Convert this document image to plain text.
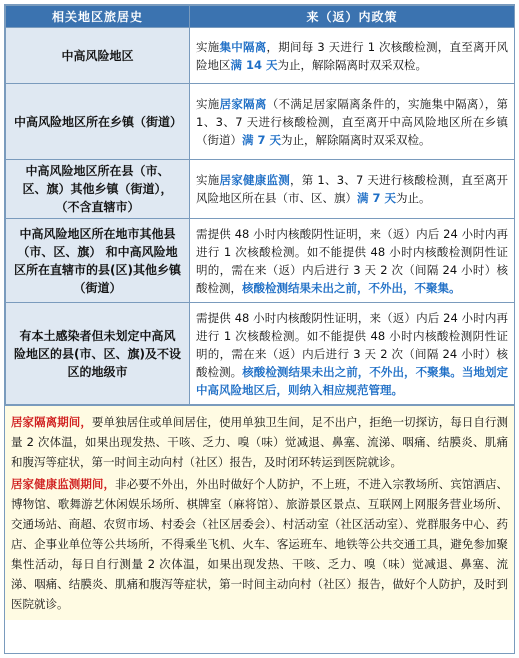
相关地区旅居史	来（返）内政策
中高风险地区	实施集中隔离，期间每 3 天进行 1 次核酸检测，直至离开风险地区满 14 天为止，解除隔离时双采双检。
中高风险地区所在乡镇（街道）	实施居家隔离（不满足居家隔离条件的，实施集中隔离），第 1、3、7 天进行核酸检测，直至离开中高风险地区所在乡镇（街道）满 7 天为止，解除隔离时双采双检。
中高风险地区所在县（市、区、旗）其他乡镇（街道），（不含直辖市）	实施居家健康监测，第 1、3、7 天进行核酸检测，直至离开风险地区所在县（市、区、旗）满 7 天为止。
中高风险地区所在地市其他县（市、区、旗） 和中高风险地区所在直辖市的县(区)其他乡镇（街道）	需提供 48 小时内核酸阴性证明，来（返）内后 24 小时内再进行 1 次核酸检测。如不能提供 48 小时内核酸检测阴性证明的，需在来（返）内后进行 3 天 2 次（间隔 24 小时）核酸检测，核酸检测结果未出之前，不外出，不聚集。
有本土感染者但未划定中高风险地区的县(市、区、旗)及不设区的地级市	需提供 48 小时内核酸阴性证明，来（返）内后 24 小时内再进行 1 次核酸检测。如不能提供 48 小时内核酸检测阴性证明的，需在来（返）内后进行 3 天 2 次（间隔 24 小时）核酸检测。核酸检测结果未出之前，不外出，不聚集。当地划定中高风险地区后，则纳入相应规范管理。

居家隔离期间，要单独居住或单间居住，使用单独卫生间，足不出户，拒绝一切探访，每日自行测量 2 次体温，如果出现发热、干咳、乏力、嗅（味）觉减退、鼻塞、流涕、咽痛、结膜炎、肌痛和腹泻等症状，第一时间主动向村（社区）报告，及时闭环转运到医院就诊。

居家健康监测期间，非必要不外出，外出时做好个人防护，不上班，不进入宗教场所、宾馆酒店、博物馆、歌舞游艺休闲娱乐场所、棋牌室（麻将馆）、旅游景区景点、互联网上网服务营业场所、交通场站、商超、农贸市场、村委会（社区居委会）、村活动室（社区活动室）、党群服务中心、药店、企事业单位等公共场所，不得乘坐飞机、火车、客运班车、地铁等公共交通工具，避免参加聚集性活动，每日自行测量 2 次体温，如果出现发热、干咳、乏力、嗅（味）觉减退、鼻塞、流涕、咽痛、结膜炎、肌痛和腹泻等症状，第一时间主动向村（社区）报告，做好个人防护，及时到医院就诊。
